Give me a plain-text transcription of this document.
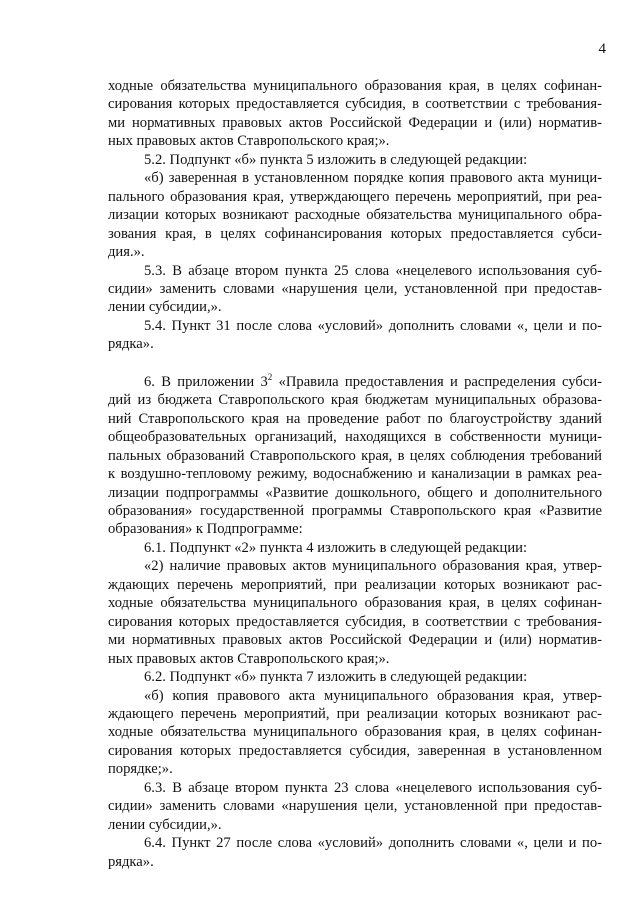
4
ходные обязательства муниципального образования края, в целях софинан-
сирования которых предоставляется субсидия, в соответствии с требования-
ми нормативных правовых актов Российской Федерации и (или) норматив-
ных правовых актов Ставропольского края;».
5.2. Подпункт «б» пункта 5 изложить в следующей редакции:
«б) заверенная в установленном порядке копия правового акта муници-
пального образования края, утверждающего перечень мероприятий, при реа-
лизации которых возникают расходные обязательства муниципального обра-
зования края, в целях софинансирования которых предоставляется субси-
дия.».
5.3. В абзаце втором пункта 25 слова «нецелевого использования суб-
сидии» заменить словами «нарушения цели, установленной при предостав-
лении субсидии,».
5.4. Пункт 31 после слова «условий» дополнить словами «, цели и по-
рядка».
6. В приложении $3^2$ «Правила предоставления и распределения субси-
дий из бюджета Ставропольского края бюджетам муниципальных образова-
ний Ставропольского края на проведение работ по благоустройству зданий
общеобразовательных организаций, находящихся в собственности муници-
пальных образований Ставропольского края, в целях соблюдения требований
к воздушно-тепловому режиму, водоснабжению и канализации в рамках реа-
лизации подпрограммы «Развитие дошкольного, общего и дополнительного
образования» государственной программы Ставропольского края «Развитие
образования» к Подпрограмме:
6.1. Подпункт «2» пункта 4 изложить в следующей редакции:
«2) наличие правовых актов муниципального образования края, утвер-
ждающих перечень мероприятий, при реализации которых возникают рас-
ходные обязательства муниципального образования края, в целях софинан-
сирования которых предоставляется субсидия, в соответствии с требования-
ми нормативных правовых актов Российской Федерации и (или) норматив-
ных правовых актов Ставропольского края;».
6.2. Подпункт «б» пункта 7 изложить в следующей редакции:
«б) копия правового акта муниципального образования края, утвер-
ждающего перечень мероприятий, при реализации которых возникают рас-
ходные обязательства муниципального образования края, в целях софинан-
сирования которых предоставляется субсидия, заверенная в установленном
порядке;».
6.3. В абзаце втором пункта 23 слова «нецелевого использования суб-
сидии» заменить словами «нарушения цели, установленной при предостав-
лении субсидии,».
6.4. Пункт 27 после слова «условий» дополнить словами «, цели и по-
рядка».
